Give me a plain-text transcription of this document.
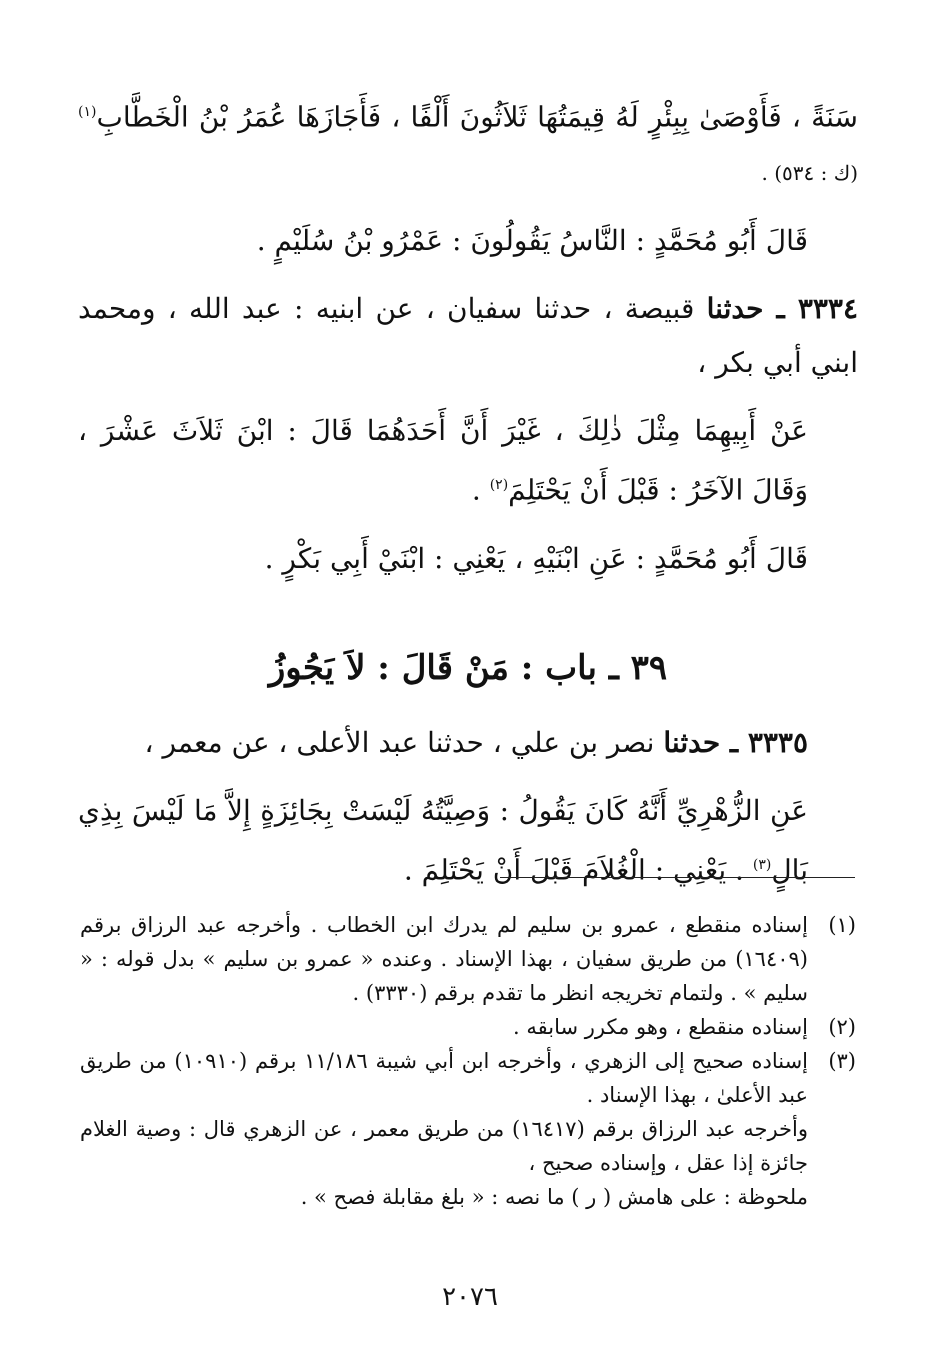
سَنَةً ، فَأَوْصَىٰ بِبِئْرٍ لَهُ قِيمَتُهَا ثَلاَثُونَ أَلْفًا ، فَأَجَازَهَا عُمَرُ بْنُ الْخَطَّابِ$^{(١)}$ (ك : ٥٣٤) .

قَالَ أَبُو مُحَمَّدٍ : النَّاسُ يَقُولُونَ : عَمْرُو بْنُ سُلَيْمٍ .

٣٣٣٤ ـ حدثنا قبيصة ، حدثنا سفيان ، عن ابنيه : عبد الله ، ومحمد ابني أبي بكر ،

عَنْ أَبِيهِمَا مِثْلَ ذٰلِكَ ، غَيْرَ أَنَّ أَحَدَهُمَا قَالَ : ابْنَ ثَلاَثَ عَشْرَ ، وَقَالَ الآخَرُ : قَبْلَ أَنْ يَحْتَلِمَ$^{(٢)}$ .

قَالَ أَبُو مُحَمَّدٍ : عَنِ ابْنَيْهِ ، يَعْنِي : ابْنَيْ أَبِي بَكْرٍ .

٣٩ ـ باب : مَنْ قَالَ : لاَ يَجُوزُ

٣٣٣٥ ـ حدثنا نصر بن علي ، حدثنا عبد الأعلى ، عن معمر ،

عَنِ الزُّهْرِيِّ أَنَّهُ كَانَ يَقُولُ : وَصِيَّتُهُ لَيْسَتْ بِجَائِزَةٍ إِلاَّ مَا لَيْسَ بِذِي بَالٍ$^{(٣)}$ . يَعْنِي : الْغُلاَمَ قَبْلَ أَنْ يَحْتَلِمَ .

(١)
إسناده منقطع ، عمرو بن سليم لم يدرك ابن الخطاب . وأخرجه عبد الرزاق برقم (١٦٤٠٩) من طريق سفيان ، بهذا الإسناد . وعنده « عمرو بن سليم » بدل قوله : « سليم » . ولتمام تخريجه انظر ما تقدم برقم (٣٣٣٠) .
(٢)
إسناده منقطع ، وهو مكرر سابقه .
(٣)
إسناده صحيح إلى الزهري ، وأخرجه ابن أبي شيبة ١١/١٨٦ برقم (١٠٩١٠) من طريق عبد الأعلىٰ ، بهذا الإسناد .
وأخرجه عبد الرزاق برقم (١٦٤١٧) من طريق معمر ، عن الزهري قال : وصية الغلام جائزة إذا عقل ، وإسناده صحيح ،
ملحوظة : على هامش ( ر ) ما نصه : « بلغ مقابلة فصح » .
٢٠٧٦
